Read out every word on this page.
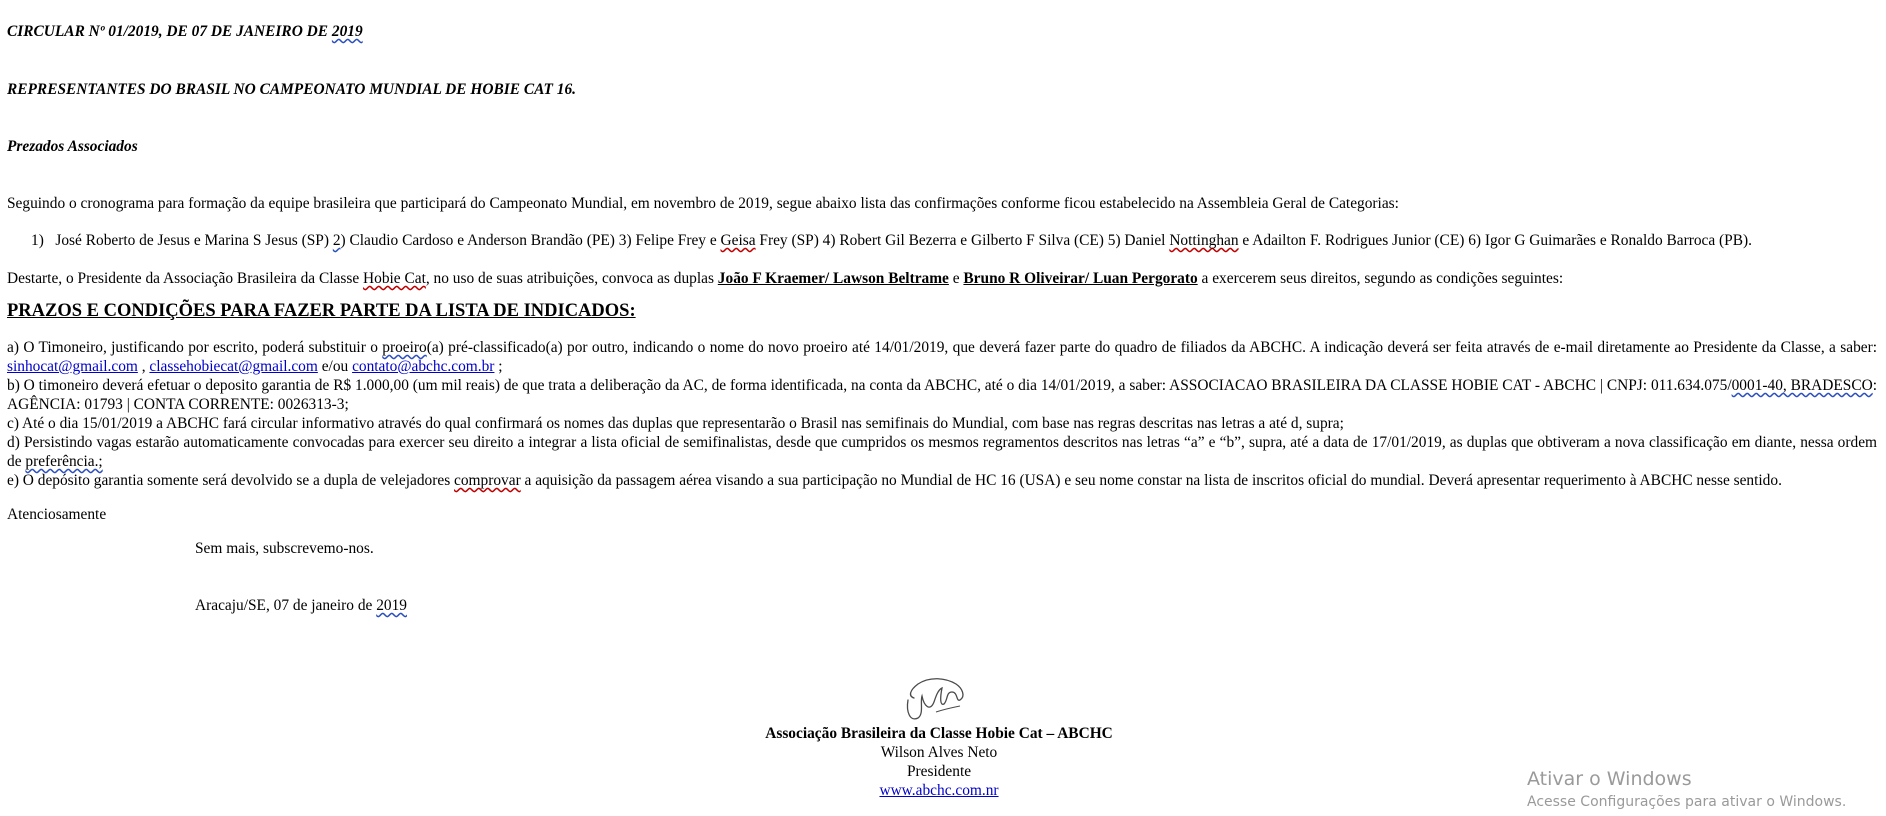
CIRCULAR Nº 01/2019, DE 07 DE JANEIRO DE 2019
REPRESENTANTES DO BRASIL NO CAMPEONATO MUNDIAL DE HOBIE CAT 16.
Prezados Associados
Seguindo o cronograma para formação da equipe brasileira que participará do Campeonato Mundial, em novembro de 2019, segue abaixo lista das confirmações conforme ficou estabelecido na Assembleia Geral de Categorias:
1) José Roberto de Jesus e Marina S Jesus (SP) 2) Claudio Cardoso e Anderson Brandão (PE) 3) Felipe Frey e Geisa Frey (SP) 4) Robert Gil Bezerra e Gilberto F Silva (CE) 5) Daniel Nottinghan e Adailton F. Rodrigues Junior (CE) 6) Igor G Guimarães e Ronaldo Barroca (PB).
Destarte, o Presidente da Associação Brasileira da Classe Hobie Cat, no uso de suas atribuições, convoca as duplas João F Kraemer/ Lawson Beltrame e Bruno R Oliveirar/ Luan Pergorato a exercerem seus direitos, segundo as condições seguintes:
PRAZOS E CONDIÇÕES PARA FAZER PARTE DA LISTA DE INDICADOS:
a) O Timoneiro, justificando por escrito, poderá substituir o proeiro(a) pré-classificado(a) por outro, indicando o nome do novo proeiro até 14/01/2019, que deverá fazer parte do quadro de filiados da ABCHC. A indicação deverá ser feita através de e-mail diretamente ao Presidente da Classe, a saber: sinhocat@gmail.com , classehobiecat@gmail.com e/ou contato@abchc.com.br ;
b) O timoneiro deverá efetuar o deposito garantia de R$ 1.000,00 (um mil reais) de que trata a deliberação da AC, de forma identificada, na conta da ABCHC, até o dia 14/01/2019, a saber: ASSOCIACAO BRASILEIRA DA CLASSE HOBIE CAT - ABCHC | CNPJ: 011.634.075/0001-40, BRADESCO: AGÊNCIA: 01793 | CONTA CORRENTE: 0026313-3;
c) Até o dia 15/01/2019 a ABCHC fará circular informativo através do qual confirmará os nomes das duplas que representarão o Brasil nas semifinais do Mundial, com base nas regras descritas nas letras a até d, supra;
d) Persistindo vagas estarão automaticamente convocadas para exercer seu direito a integrar a lista oficial de semifinalistas, desde que cumpridos os mesmos regramentos descritos nas letras “a” e “b”, supra, até a data de 17/01/2019, as duplas que obtiveram a nova classificação em diante, nessa ordem de preferência.;
e) O depósito garantia somente será devolvido se a dupla de velejadores comprovar a aquisição da passagem aérea visando a sua participação no Mundial de HC 16 (USA) e seu nome constar na lista de inscritos oficial do mundial. Deverá apresentar requerimento à ABCHC nesse sentido.
Atenciosamente
Sem mais, subscrevemo-nos.
Aracaju/SE, 07 de janeiro de 2019
Associação Brasileira da Classe Hobie Cat – ABCHC
Wilson Alves Neto
Presidente
www.abchc.com.nr
Ativar o Windows
Acesse Configurações para ativar o Windows.
